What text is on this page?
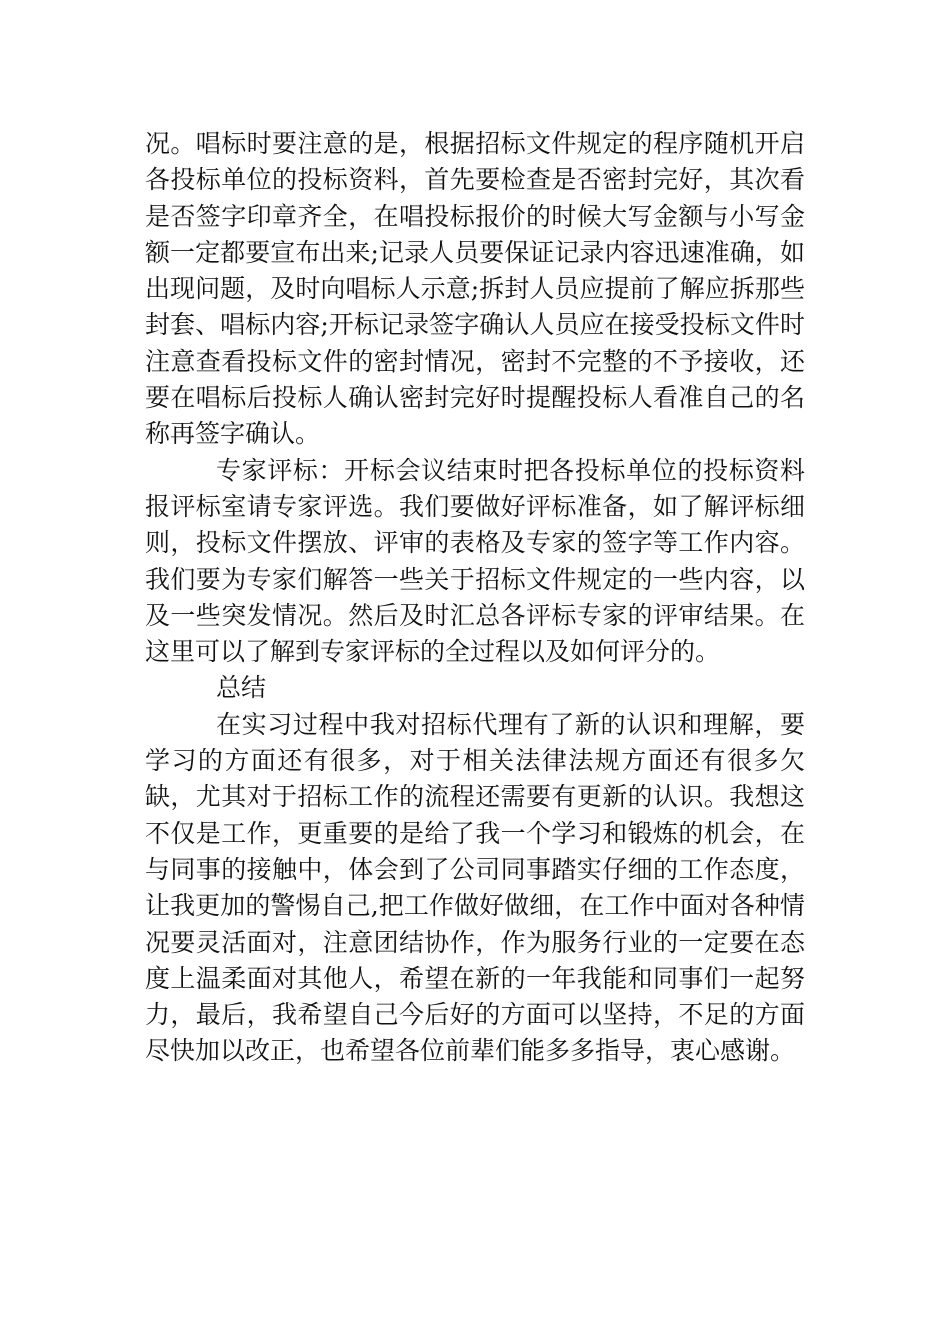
况。唱标时要注意的是，根据招标文件规定的程序随机开启各投标单位的投标资料，首先要检查是否密封完好，其次看是否签字印章齐全，在唱投标报价的时候大写金额与小写金额一定都要宣布出来;记录人员要保证记录内容迅速准确，如出现问题，及时向唱标人示意;拆封人员应提前了解应拆那些封套、唱标内容;开标记录签字确认人员应在接受投标文件时注意查看投标文件的密封情况，密封不完整的不予接收，还要在唱标后投标人确认密封完好时提醒投标人看准自己的名称再签字确认。

专家评标：开标会议结束时把各投标单位的投标资料报评标室请专家评选。我们要做好评标准备，如了解评标细则，投标文件摆放、评审的表格及专家的签字等工作内容。我们要为专家们解答一些关于招标文件规定的一些内容，以及一些突发情况。然后及时汇总各评标专家的评审结果。在这里可以了解到专家评标的全过程以及如何评分的。

总结

在实习过程中我对招标代理有了新的认识和理解，要学习的方面还有很多，对于相关法律法规方面还有很多欠缺，尤其对于招标工作的流程还需要有更新的认识。我想这不仅是工作，更重要的是给了我一个学习和锻炼的机会，在与同事的接触中，体会到了公司同事踏实仔细的工作态度，让我更加的警惕自己,把工作做好做细，在工作中面对各种情况要灵活面对，注意团结协作，作为服务行业的一定要在态度上温柔面对其他人，希望在新的一年我能和同事们一起努力，最后，我希望自己今后好的方面可以坚持，不足的方面尽快加以改正，也希望各位前辈们能多多指导，衷心感谢。
